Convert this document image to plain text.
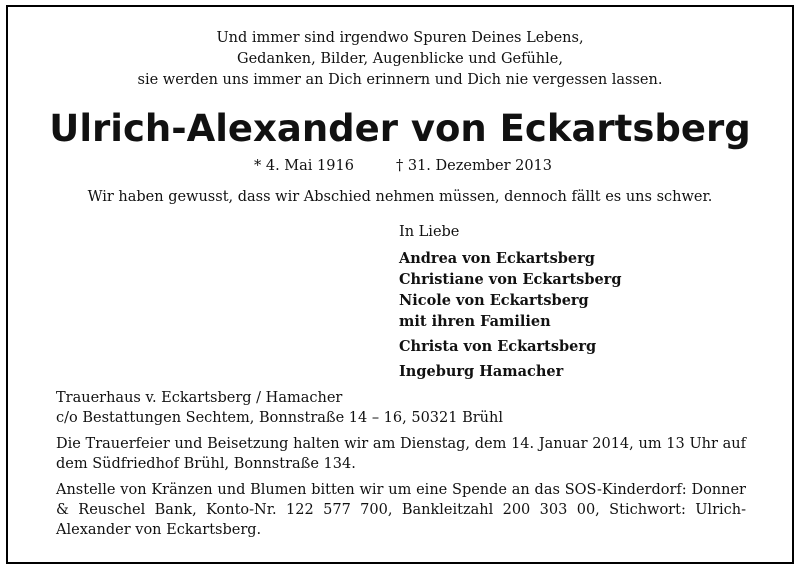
Und immer sind irgendwo Spuren Deines Lebens,
Gedanken, Bilder, Augenblicke und Gefühle,
sie werden uns immer an Dich erinnern und Dich nie vergessen lassen.
Ulrich-Alexander von Eckartsberg
* 4. Mai 1916	† 31. Dezember 2013
Wir haben gewusst, dass wir Abschied nehmen müssen, dennoch fällt es uns schwer.
In Liebe
Andrea von Eckartsberg
Christiane von Eckartsberg
Nicole von Eckartsberg
mit ihren Familien
Christa von Eckartsberg
Ingeburg Hamacher
Trauerhaus v. Eckartsberg / Hamacher
c/o Bestattungen Sechtem, Bonnstraße 14 – 16, 50321 Brühl
Die Trauerfeier und Beisetzung halten wir am Dienstag, dem 14. Januar 2014, um 13 Uhr auf dem Südfriedhof Brühl, Bonnstraße 134.
Anstelle von Kränzen und Blumen bitten wir um eine Spende an das SOS-Kinderdorf: Donner & Reuschel Bank, Konto-Nr. 122 577 700, Bankleitzahl 200 303 00, Stichwort: Ulrich-Alexander von Eckartsberg.
